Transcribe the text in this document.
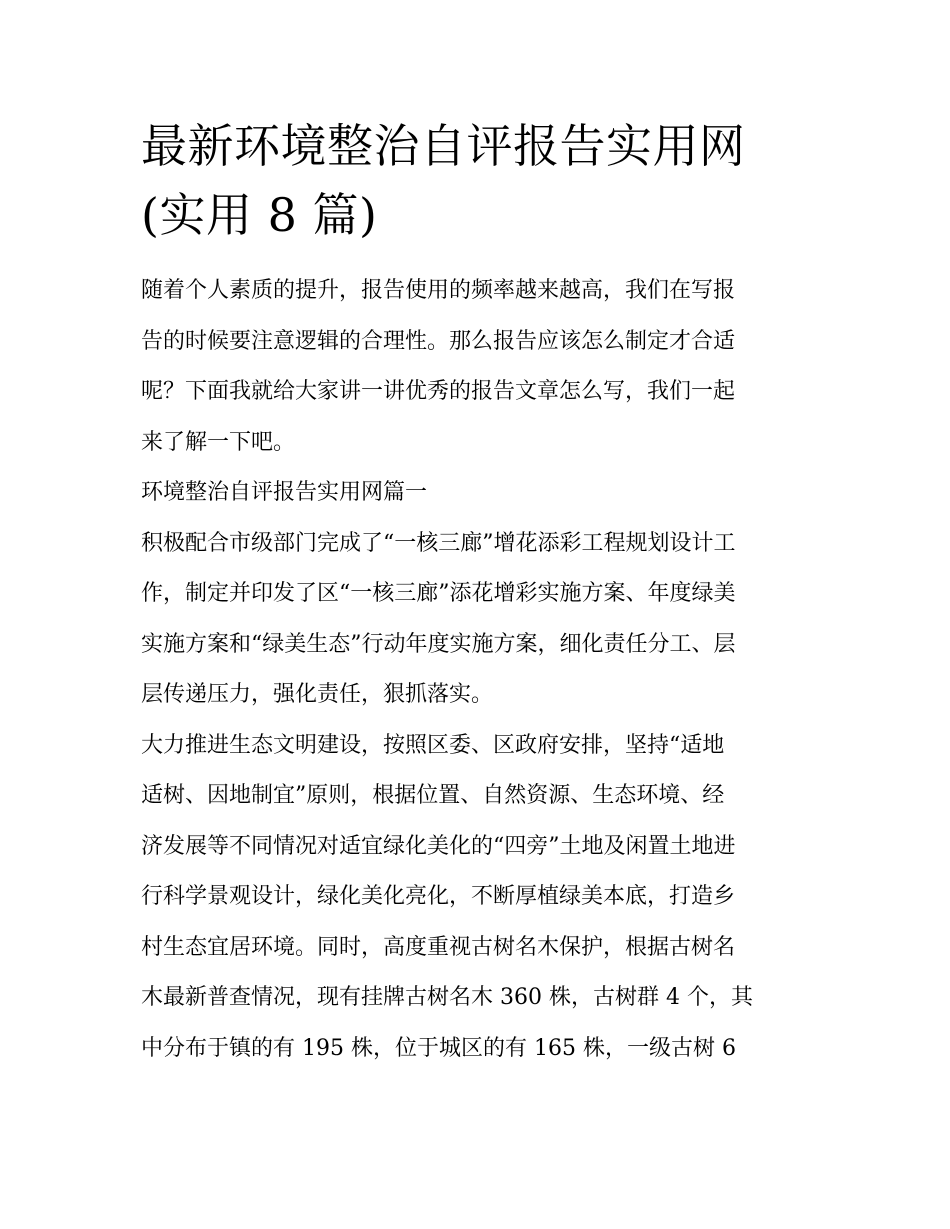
最新环境整治自评报告实用网
(实用 8 篇)

随着个人素质的提升，报告使用的频率越来越高，我们在写报
告的时候要注意逻辑的合理性。那么报告应该怎么制定才合适
呢？下面我就给大家讲一讲优秀的报告文章怎么写，我们一起
来了解一下吧。

环境整治自评报告实用网篇一

积极配合市级部门完成了“一核三廊”增花添彩工程规划设计工
作，制定并印发了区“一核三廊”添花增彩实施方案、年度绿美
实施方案和“绿美生态”行动年度实施方案，细化责任分工、层
层传递压力，强化责任，狠抓落实。

大力推进生态文明建设，按照区委、区政府安排，坚持“适地
适树、因地制宜”原则，根据位置、自然资源、生态环境、经
济发展等不同情况对适宜绿化美化的“四旁”土地及闲置土地进
行科学景观设计，绿化美化亮化，不断厚植绿美本底，打造乡
村生态宜居环境。同时，高度重视古树名木保护，根据古树名
木最新普查情况，现有挂牌古树名木 360 株，古树群 4 个，其
中分布于镇的有 195 株，位于城区的有 165 株，一级古树 6
